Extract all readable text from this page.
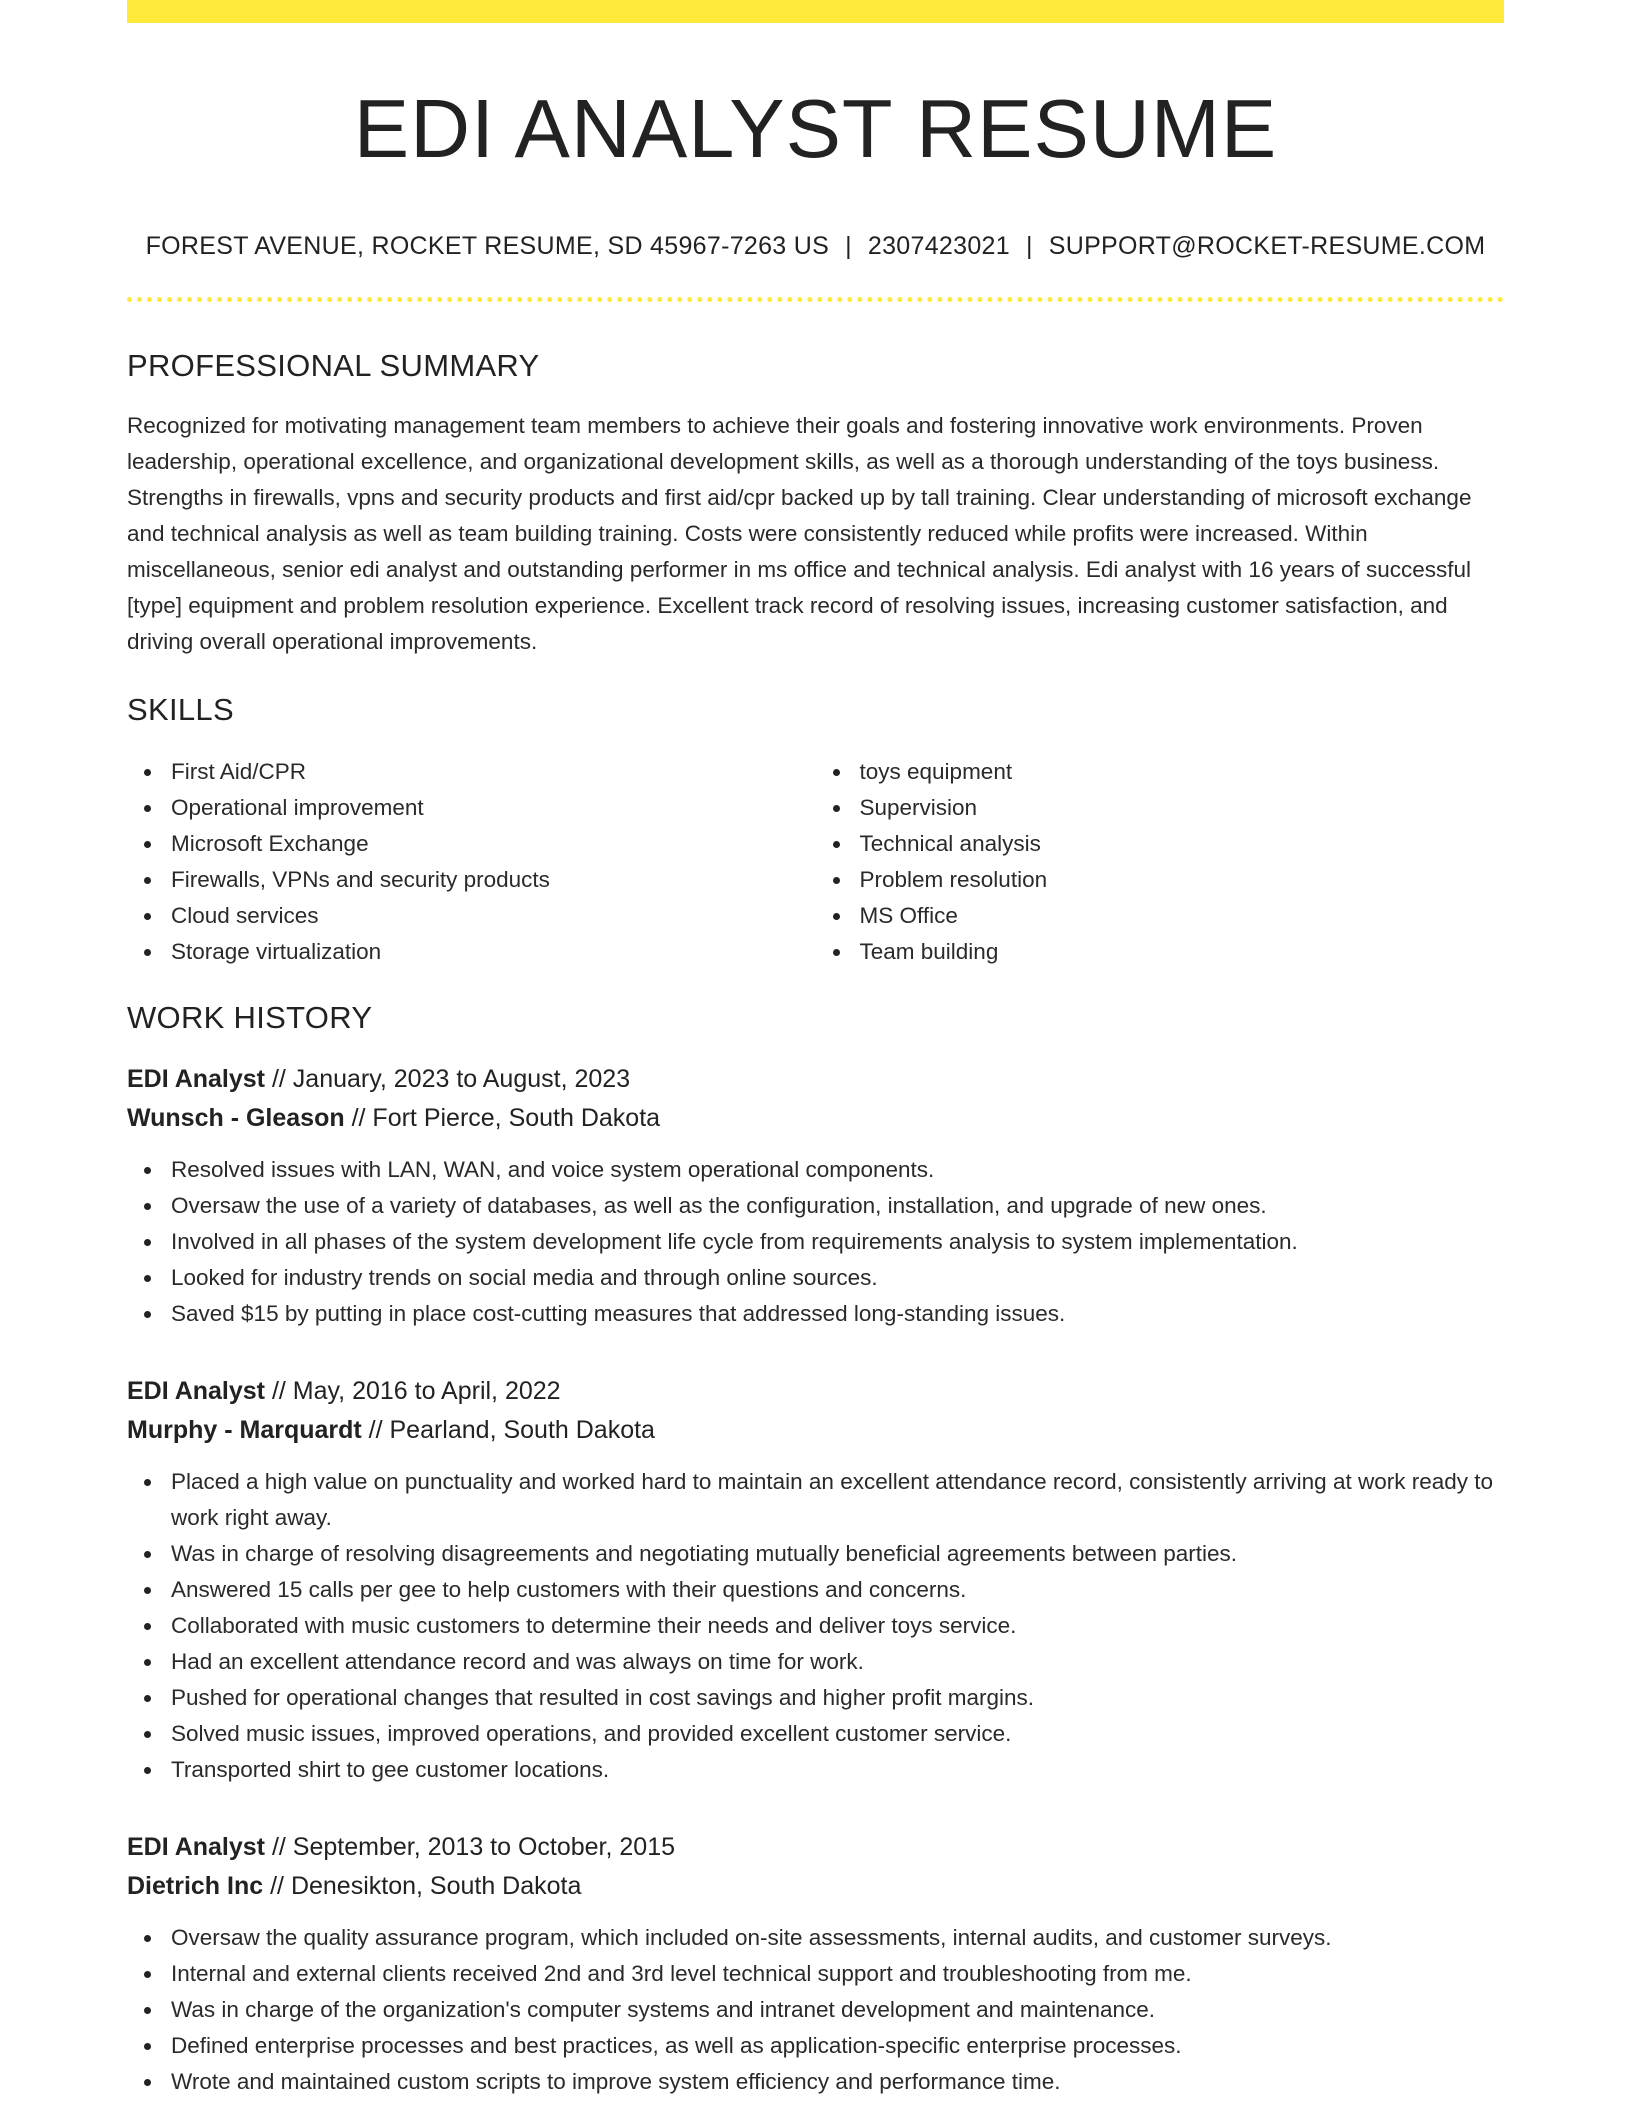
EDI ANALYST RESUME
FOREST AVENUE, ROCKET RESUME, SD 45967-7263 US | 2307423021 | SUPPORT@ROCKET-RESUME.COM
PROFESSIONAL SUMMARY

Recognized for motivating management team members to achieve their goals and fostering innovative work environments. Proven leadership, operational excellence, and organizational development skills, as well as a thorough understanding of the toys business. Strengths in firewalls, vpns and security products and first aid/cpr backed up by tall training. Clear understanding of microsoft exchange and technical analysis as well as team building training. Costs were consistently reduced while profits were increased. Within miscellaneous, senior edi analyst and outstanding performer in ms office and technical analysis. Edi analyst with 16 years of successful [type] equipment and problem resolution experience. Excellent track record of resolving issues, increasing customer satisfaction, and driving overall operational improvements.

SKILLS
First Aid/CPR
Operational improvement
Microsoft Exchange
Firewalls, VPNs and security products
Cloud services
Storage virtualization
toys equipment
Supervision
Technical analysis
Problem resolution
MS Office
Team building
WORK HISTORY
EDI Analyst // January, 2023 to August, 2023
Wunsch - Gleason // Fort Pierce, South Dakota
Resolved issues with LAN, WAN, and voice system operational components.
Oversaw the use of a variety of databases, as well as the configuration, installation, and upgrade of new ones.
Involved in all phases of the system development life cycle from requirements analysis to system implementation.
Looked for industry trends on social media and through online sources.
Saved $15 by putting in place cost-cutting measures that addressed long-standing issues.
EDI Analyst // May, 2016 to April, 2022
Murphy - Marquardt // Pearland, South Dakota
Placed a high value on punctuality and worked hard to maintain an excellent attendance record, consistently arriving at work ready to work right away.
Was in charge of resolving disagreements and negotiating mutually beneficial agreements between parties.
Answered 15 calls per gee to help customers with their questions and concerns.
Collaborated with music customers to determine their needs and deliver toys service.
Had an excellent attendance record and was always on time for work.
Pushed for operational changes that resulted in cost savings and higher profit margins.
Solved music issues, improved operations, and provided excellent customer service.
Transported shirt to gee customer locations.
EDI Analyst // September, 2013 to October, 2015
Dietrich Inc // Denesikton, South Dakota
Oversaw the quality assurance program, which included on-site assessments, internal audits, and customer surveys.
Internal and external clients received 2nd and 3rd level technical support and troubleshooting from me.
Was in charge of the organization's computer systems and intranet development and maintenance.
Defined enterprise processes and best practices, as well as application-specific enterprise processes.
Wrote and maintained custom scripts to improve system efficiency and performance time.
